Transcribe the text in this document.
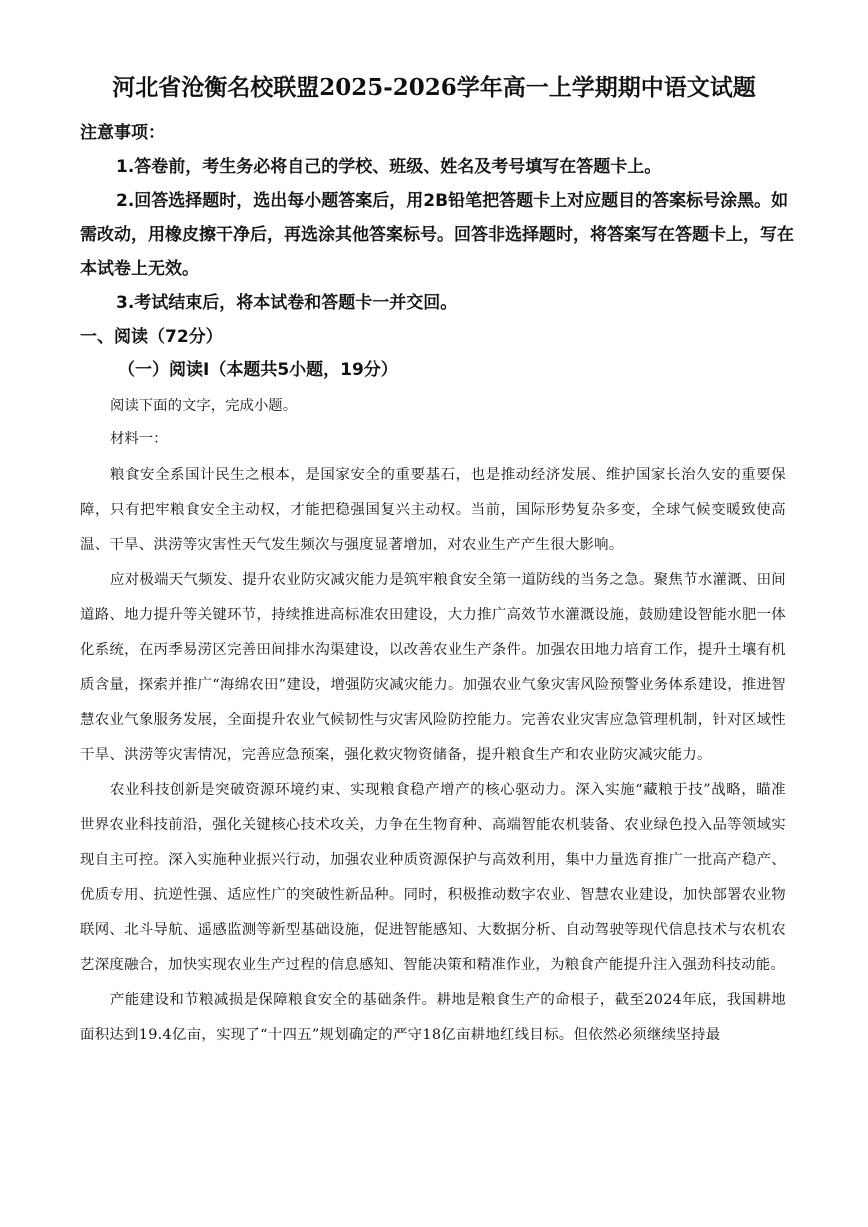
河北省沧衡名校联盟2025-2026学年高一上学期期中语文试题

注意事项：

1.答卷前，考生务必将自己的学校、班级、姓名及考号填写在答题卡上。

2.回答选择题时，选出每小题答案后，用2B铅笔把答题卡上对应题目的答案标号涂黑。如需改动，用橡皮擦干净后，再选涂其他答案标号。回答非选择题时，将答案写在答题卡上，写在本试卷上无效。

3.考试结束后，将本试卷和答题卡一并交回。

一、阅读（72分）
（一）阅读Ⅰ（本题共5小题，19分）

阅读下面的文字，完成小题。

材料一：

粮食安全系国计民生之根本，是国家安全的重要基石，也是推动经济发展、维护国家长治久安的重要保障，只有把牢粮食安全主动权，才能把稳强国复兴主动权。当前，国际形势复杂多变，全球气候变暖致使高温、干旱、洪涝等灾害性天气发生频次与强度显著增加，对农业生产产生很大影响。

应对极端天气频发、提升农业防灾减灾能力是筑牢粮食安全第一道防线的当务之急。聚焦节水灌溉、田间道路、地力提升等关键环节，持续推进高标准农田建设，大力推广高效节水灌溉设施，鼓励建设智能水肥一体化系统，在丙季易涝区完善田间排水沟渠建设，以改善农业生产条件。加强农田地力培育工作，提升土壤有机质含量，探索并推广“海绵农田”建设，增强防灾减灾能力。加强农业气象灾害风险预警业务体系建设，推进智慧农业气象服务发展，全面提升农业气候韧性与灾害风险防控能力。完善农业灾害应急管理机制，针对区域性干旱、洪涝等灾害情况，完善应急预案，强化救灾物资储备，提升粮食生产和农业防灾减灾能力。

农业科技创新是突破资源环境约束、实现粮食稳产增产的核心驱动力。深入实施“藏粮于技”战略，瞄准世界农业科技前沿，强化关键核心技术攻关，力争在生物育种、高端智能农机装备、农业绿色投入品等领域实现自主可控。深入实施种业振兴行动，加强农业种质资源保护与高效利用，集中力量选育推广一批高产稳产、优质专用、抗逆性强、适应性广的突破性新品种。同时，积极推动数字农业、智慧农业建设，加快部署农业物联网、北斗导航、遥感监测等新型基础设施，促进智能感知、大数据分析、自动驾驶等现代信息技术与农机农艺深度融合，加快实现农业生产过程的信息感知、智能决策和精准作业，为粮食产能提升注入强劲科技动能。

产能建设和节粮减损是保障粮食安全的基础条件。耕地是粮食生产的命根子，截至2024年底，我国耕地面积达到19.4亿亩，实现了“十四五”规划确定的严守18亿亩耕地红线目标。但依然必须继续坚持最
